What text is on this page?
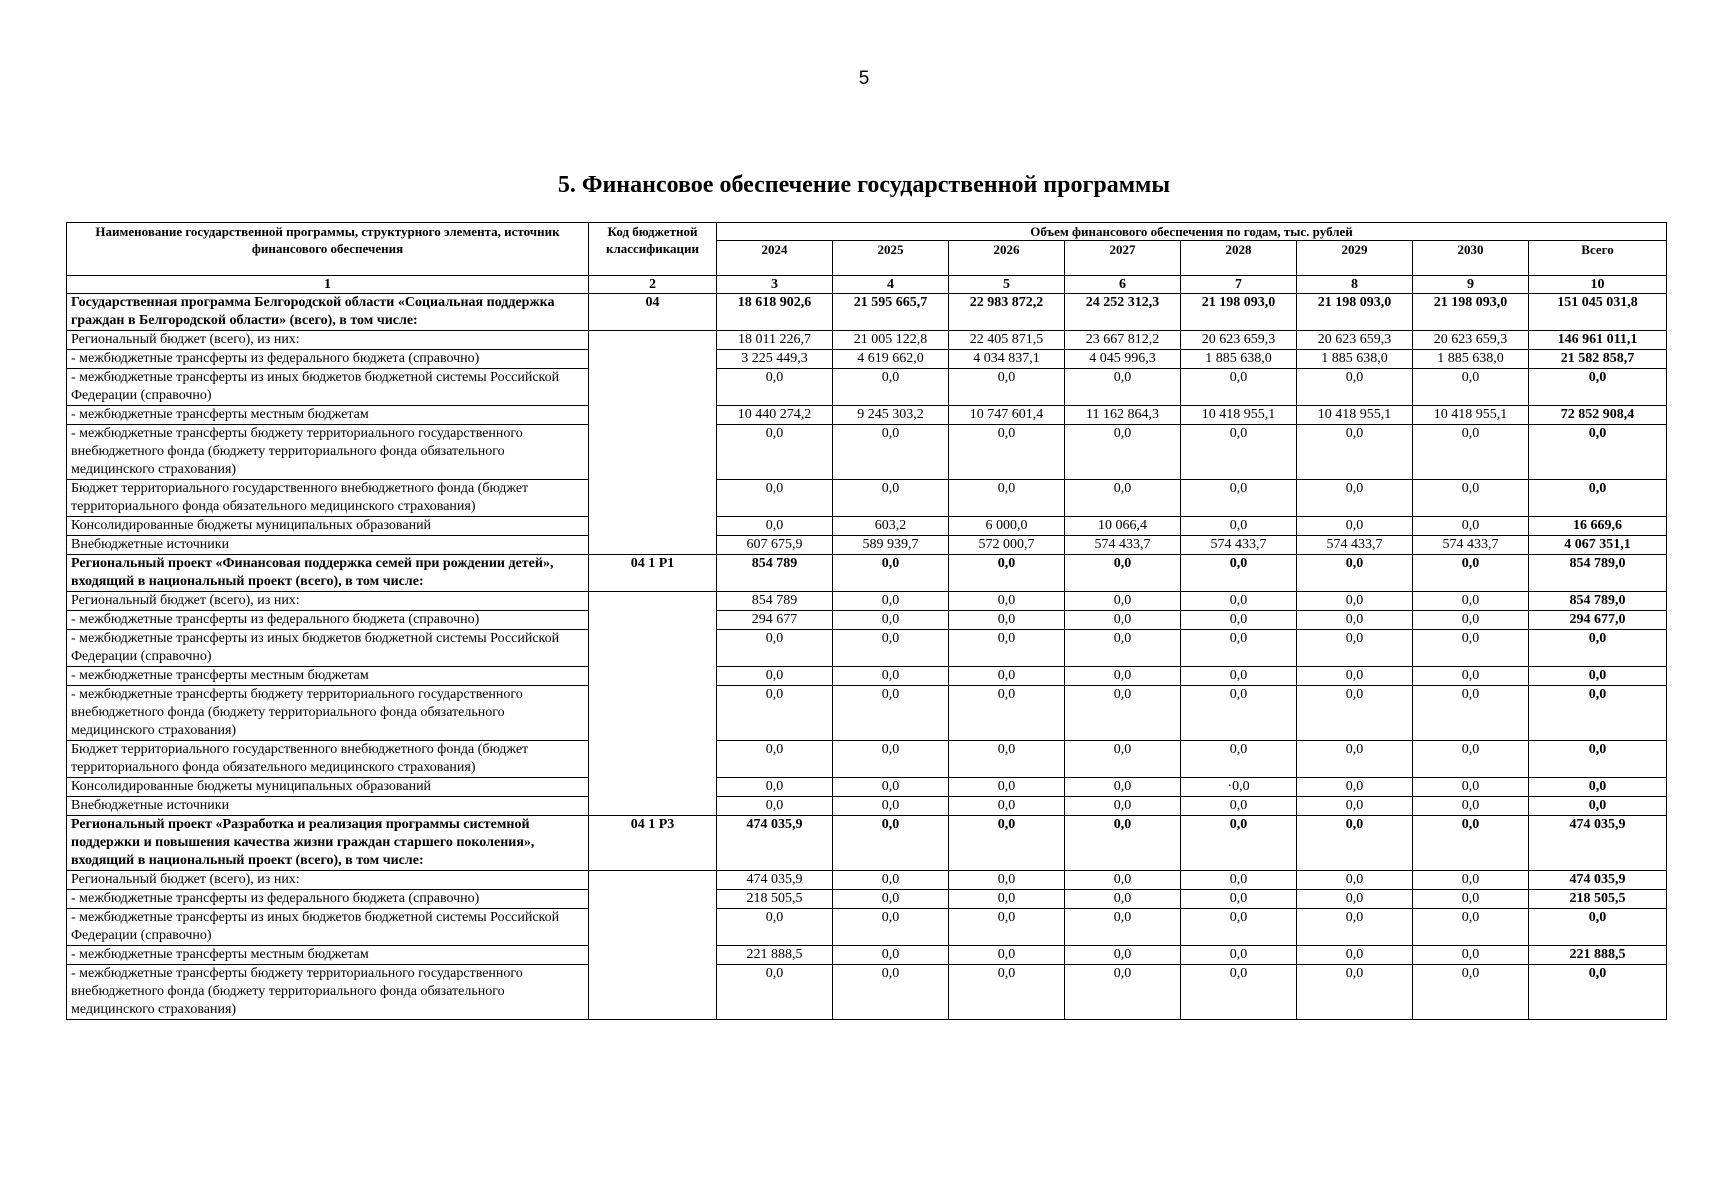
5
5. Финансовое обеспечение государственной программы
Наименование государственной программы, структурного элемента, источник финансового обеспечения	Код бюджетной классификации	Объем финансового обеспечения по годам, тыс. рублей							
		2024	2025	2026	2027	2028	2029	2030	Всего
1	2	3	4	5	6	7	8	9	10
Государственная программа Белгородской области «Социальная поддержка граждан в Белгородской области» (всего), в том числе:	04	18 618 902,6	21 595 665,7	22 983 872,2	24 252 312,3	21 198 093,0	21 198 093,0	21 198 093,0	151 045 031,8
Региональный бюджет (всего), из них:		18 011 226,7	21 005 122,8	22 405 871,5	23 667 812,2	20 623 659,3	20 623 659,3	20 623 659,3	146 961 011,1
- межбюджетные трансферты из федерального бюджета (справочно)		3 225 449,3	4 619 662,0	4 034 837,1	4 045 996,3	1 885 638,0	1 885 638,0	1 885 638,0	21 582 858,7
- межбюджетные трансферты из иных бюджетов бюджетной системы Российской Федерации (справочно)		0,0	0,0	0,0	0,0	0,0	0,0	0,0	0,0
- межбюджетные трансферты местным бюджетам		10 440 274,2	9 245 303,2	10 747 601,4	11 162 864,3	10 418 955,1	10 418 955,1	10 418 955,1	72 852 908,4
- межбюджетные трансферты бюджету территориального государственного внебюджетного фонда (бюджету территориального фонда обязательного медицинского страхования)		0,0	0,0	0,0	0,0	0,0	0,0	0,0	0,0
Бюджет территориального государственного внебюджетного фонда (бюджет территориального фонда обязательного медицинского страхования)		0,0	0,0	0,0	0,0	0,0	0,0	0,0	0,0
Консолидированные бюджеты муниципальных образований		0,0	603,2	6 000,0	10 066,4	0,0	0,0	0,0	16 669,6
Внебюджетные источники		607 675,9	589 939,7	572 000,7	574 433,7	574 433,7	574 433,7	574 433,7	4 067 351,1
Региональный проект «Финансовая поддержка семей при рождении детей», входящий в национальный проект (всего), в том числе:	04 1 Р1	854 789	0,0	0,0	0,0	0,0	0,0	0,0	854 789,0
Региональный бюджет (всего), из них:		854 789	0,0	0,0	0,0	0,0	0,0	0,0	854 789,0
- межбюджетные трансферты из федерального бюджета (справочно)		294 677	0,0	0,0	0,0	0,0	0,0	0,0	294 677,0
- межбюджетные трансферты из иных бюджетов бюджетной системы Российской Федерации (справочно)		0,0	0,0	0,0	0,0	0,0	0,0	0,0	0,0
- межбюджетные трансферты местным бюджетам		0,0	0,0	0,0	0,0	0,0	0,0	0,0	0,0
- межбюджетные трансферты бюджету территориального государственного внебюджетного фонда (бюджету территориального фонда обязательного медицинского страхования)		0,0	0,0	0,0	0,0	0,0	0,0	0,0	0,0
Бюджет территориального государственного внебюджетного фонда (бюджет территориального фонда обязательного медицинского страхования)		0,0	0,0	0,0	0,0	0,0	0,0	0,0	0,0
Консолидированные бюджеты муниципальных образований		0,0	0,0	0,0	0,0	·0,0	0,0	0,0	0,0
Внебюджетные источники		0,0	0,0	0,0	0,0	0,0	0,0	0,0	0,0
Региональный проект «Разработка и реализация программы системной поддержки и повышения качества жизни граждан старшего поколения», входящий в национальный проект (всего), в том числе:	04 1 Р3	474 035,9	0,0	0,0	0,0	0,0	0,0	0,0	474 035,9
Региональный бюджет (всего), из них:		474 035,9	0,0	0,0	0,0	0,0	0,0	0,0	474 035,9
- межбюджетные трансферты из федерального бюджета (справочно)		218 505,5	0,0	0,0	0,0	0,0	0,0	0,0	218 505,5
- межбюджетные трансферты из иных бюджетов бюджетной системы Российской Федерации (справочно)		0,0	0,0	0,0	0,0	0,0	0,0	0,0	0,0
- межбюджетные трансферты местным бюджетам		221 888,5	0,0	0,0	0,0	0,0	0,0	0,0	221 888,5
- межбюджетные трансферты бюджету территориального государственного внебюджетного фонда (бюджету территориального фонда обязательного медицинского страхования)		0,0	0,0	0,0	0,0	0,0	0,0	0,0	0,0
